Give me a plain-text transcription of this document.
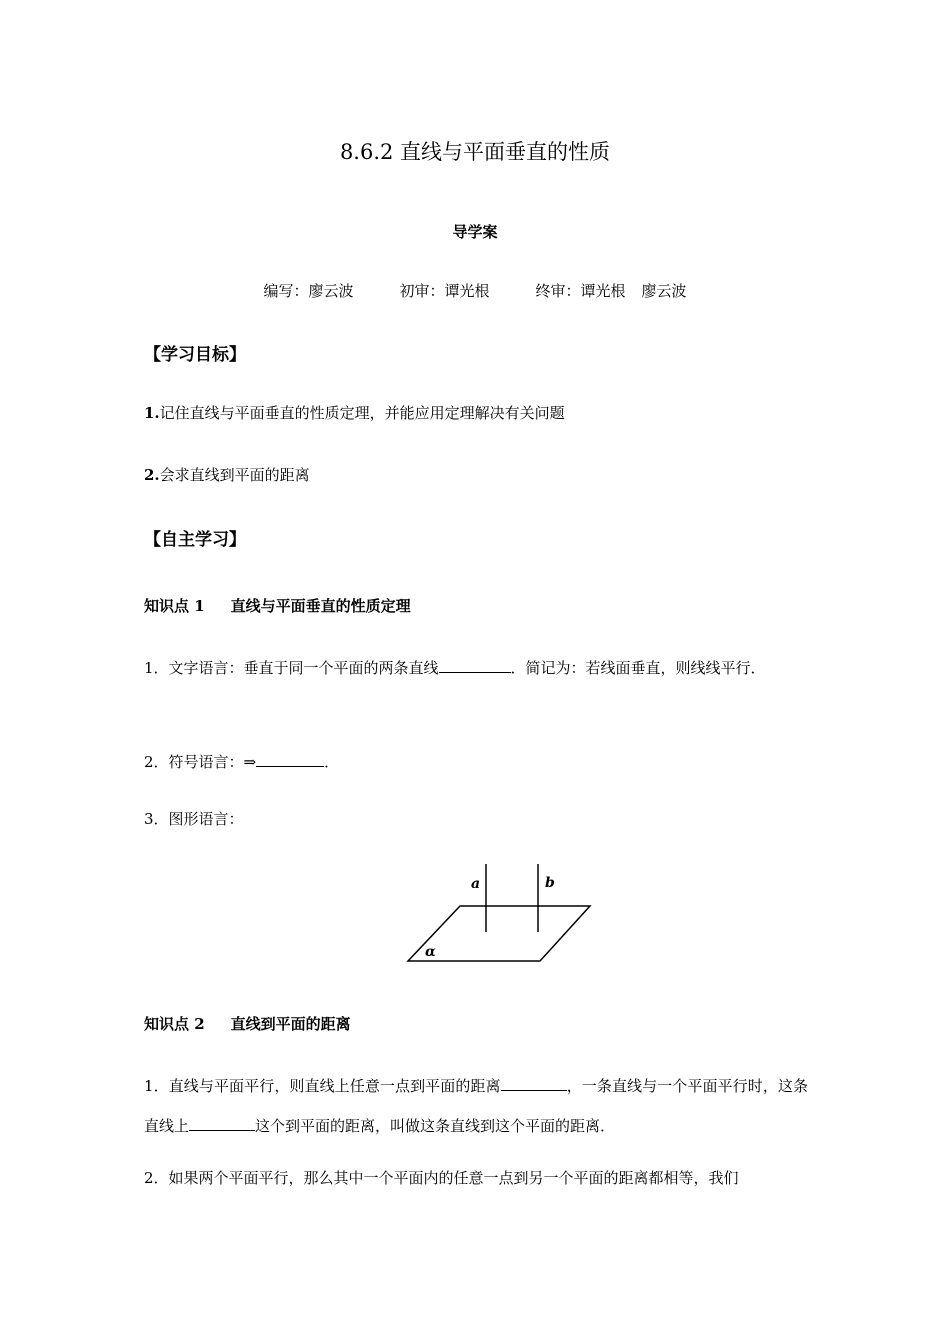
8.6.2 直线与平面垂直的性质
导学案
编写：廖云波	初审：谭光根	终审：谭光根 廖云波
【学习目标】
1.记住直线与平面垂直的性质定理，并能应用定理解决有关问题
2.会求直线到平面的距离
【自主学习】
知识点 1 直线与平面垂直的性质定理
1．文字语言：垂直于同一个平面的两条直线	．简记为：若线面垂直，则线线平行．
2．符号语言：⇒	．
3．图形语言：
a	b
α
知识点 2 直线到平面的距离
1．直线与平面平行，则直线上任意一点到平面的距离	，一条直线与一个平面平行时，这条直线上	这个到平面的距离，叫做这条直线到这个平面的距离．
2．如果两个平面平行，那么其中一个平面内的任意一点到另一个平面的距离都相等，我们
